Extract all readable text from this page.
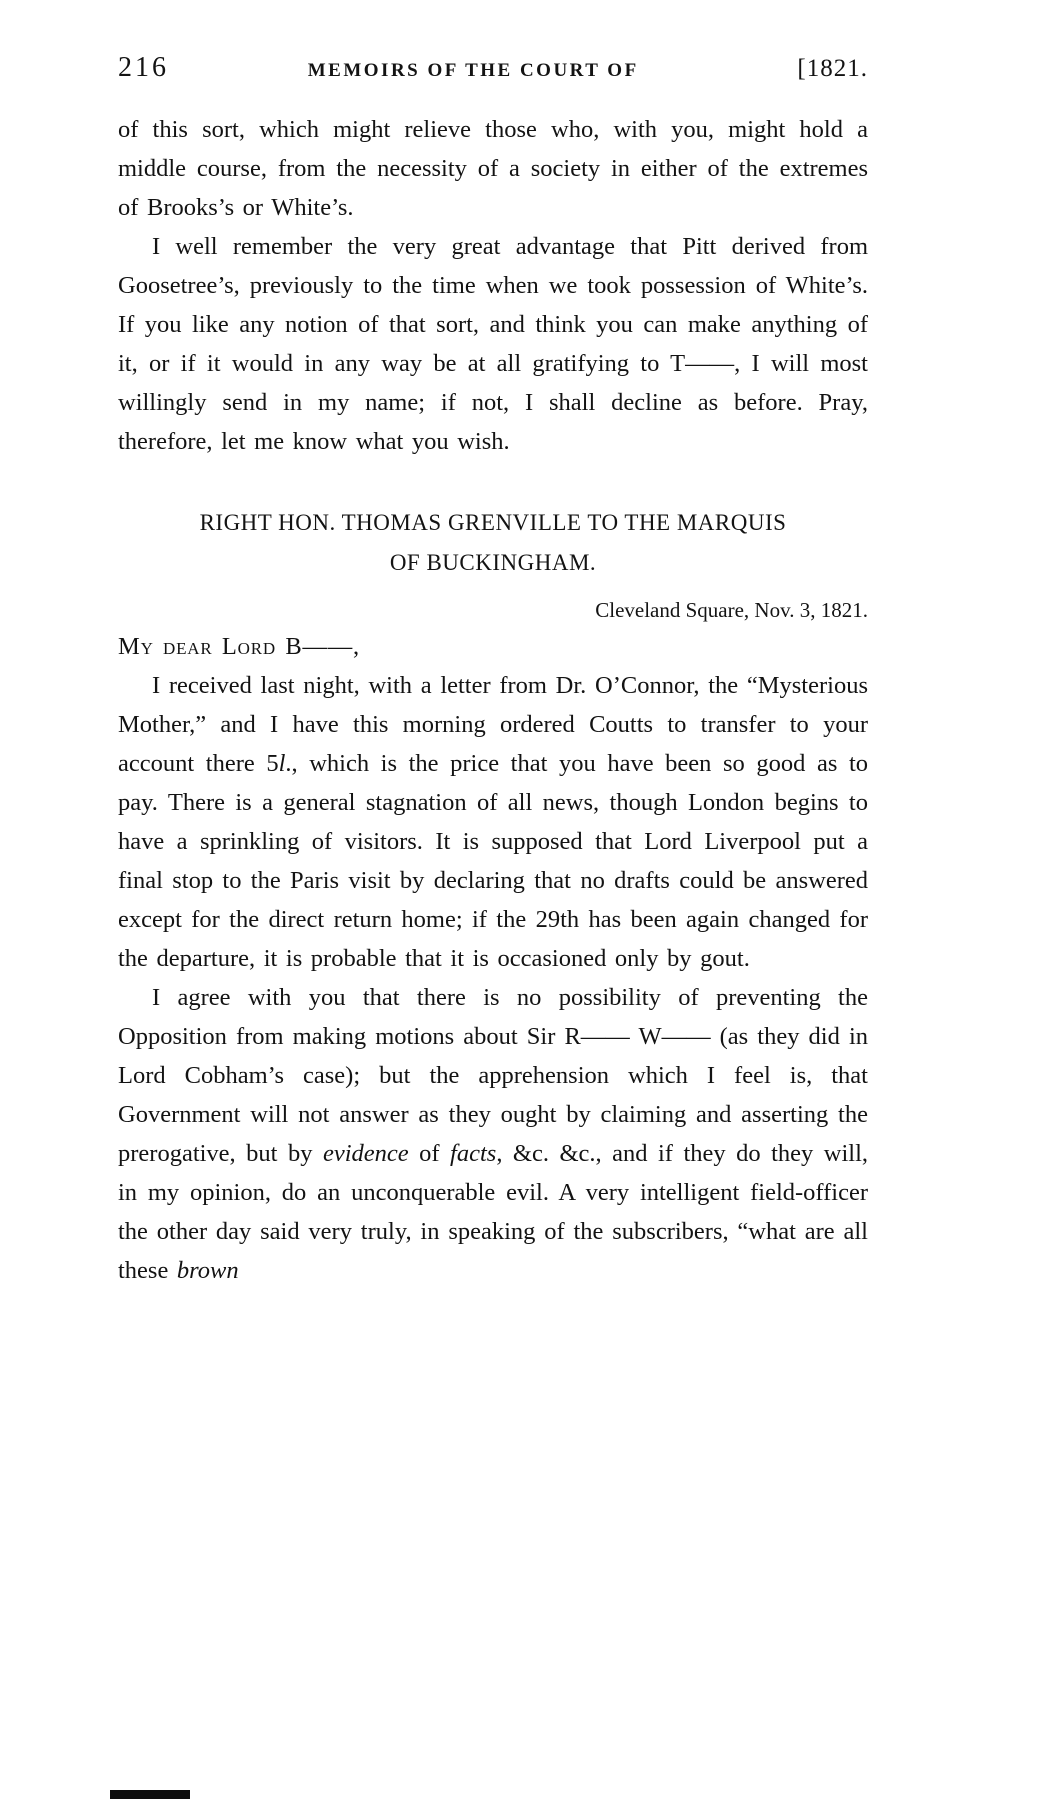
216	MEMOIRS OF THE COURT OF	[1821.

of this sort, which might relieve those who, with you, might hold a middle course, from the necessity of a society in either of the extremes of Brooks’s or White’s.

I well remember the very great advantage that Pitt derived from Goosetree’s, previously to the time when we took possession of White’s. If you like any notion of that sort, and think you can make anything of it, or if it would in any way be at all gratifying to T——, I will most willingly send in my name; if not, I shall decline as before. Pray, therefore, let me know what you wish.

RIGHT HON. THOMAS GRENVILLE TO THE MARQUIS
OF BUCKINGHAM.

Cleveland Square, Nov. 3, 1821.

My dear Lord B——,

I received last night, with a letter from Dr. O’Connor, the “Mysterious Mother,” and I have this morning ordered Coutts to transfer to your account there 5l., which is the price that you have been so good as to pay. There is a general stagnation of all news, though London begins to have a sprinkling of visitors. It is supposed that Lord Liverpool put a final stop to the Paris visit by declaring that no drafts could be answered except for the direct return home; if the 29th has been again changed for the departure, it is probable that it is occasioned only by gout.

I agree with you that there is no possibility of preventing the Opposition from making motions about Sir R—— W—— (as they did in Lord Cobham’s case); but the apprehension which I feel is, that Government will not answer as they ought by claiming and asserting the prerogative, but by evidence of facts, &c. &c., and if they do they will, in my opinion, do an unconquerable evil. A very intelligent field-officer the other day said very truly, in speaking of the subscribers, “what are all these brown
